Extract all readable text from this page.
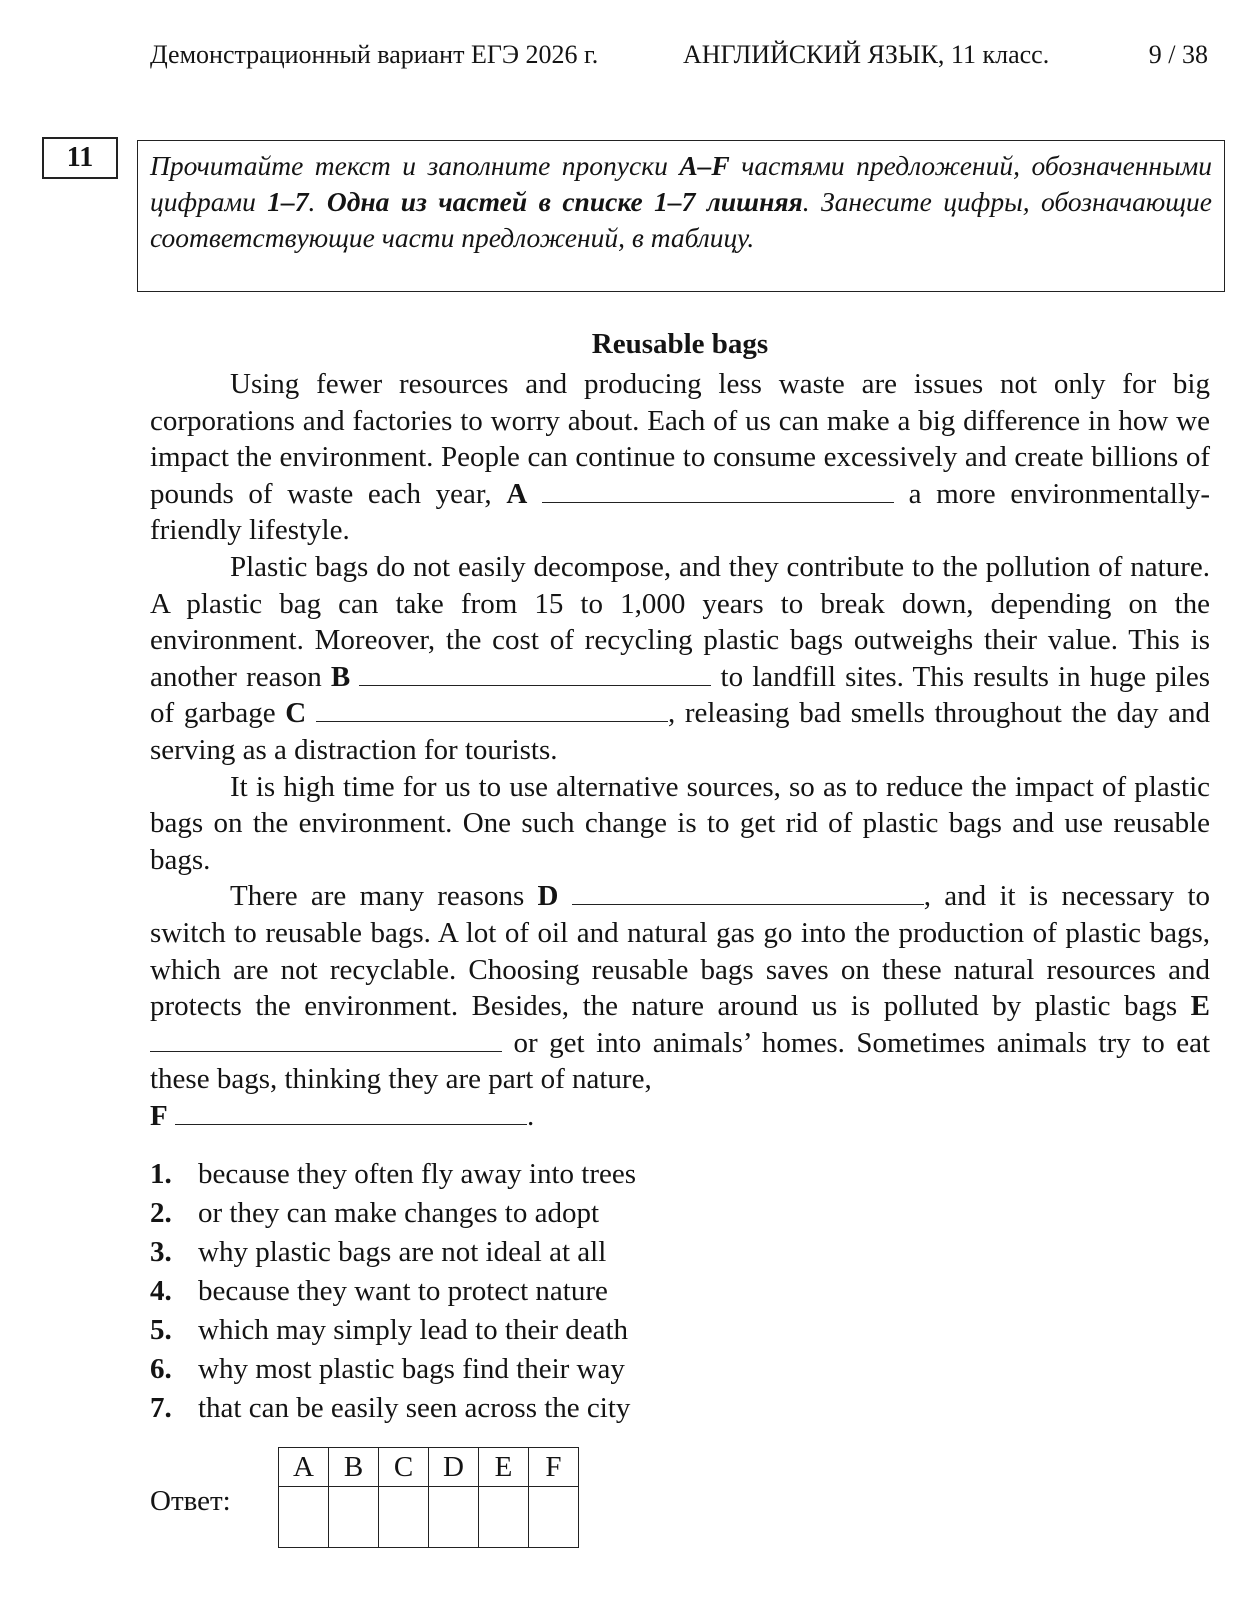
Демонстрационный вариант ЕГЭ 2026 г.	АНГЛИЙСКИЙ ЯЗЫК, 11 класс.	9 / 38
11	Прочитайте текст и заполните пропуски A–F частями предложений, обозначенными цифрами 1–7. Одна из частей в списке 1–7 лишняя. Занесите цифры, обозначающие соответствующие части предложений, в таблицу.
Reusable bags

Using fewer resources and producing less waste are issues not only for big corporations and factories to worry about. Each of us can make a big difference in how we impact the environment. People can continue to consume excessively and create billions of pounds of waste each year, A	a more environmentally-friendly lifestyle.

Plastic bags do not easily decompose, and they contribute to the pollution of nature. A plastic bag can take from 15 to 1,000 years to break down, depending on the environment. Moreover, the cost of recycling plastic bags outweighs their value. This is another reason B	to landfill sites. This results in huge piles of garbage C	, releasing bad smells throughout the day and serving as a distraction for tourists.

It is high time for us to use alternative sources, so as to reduce the impact of plastic bags on the environment. One such change is to get rid of plastic bags and use reusable bags.

There are many reasons D	, and it is necessary to switch to reusable bags. A lot of oil and natural gas go into the production of plastic bags, which are not recyclable. Choosing reusable bags saves on these natural resources and protects the environment. Besides, the nature around us is polluted by plastic bags E  or get into animals’ homes. Sometimes animals try to eat these bags, thinking they are part of nature,

F	.

1. because they often fly away into trees
2. or they can make changes to adopt
3. why plastic bags are not ideal at all
4. because they want to protect nature
5. which may simply lead to their death
6. why most plastic bags find their way
7. that can be easily seen across the city
Ответ:
A	B	C	D	E	F
